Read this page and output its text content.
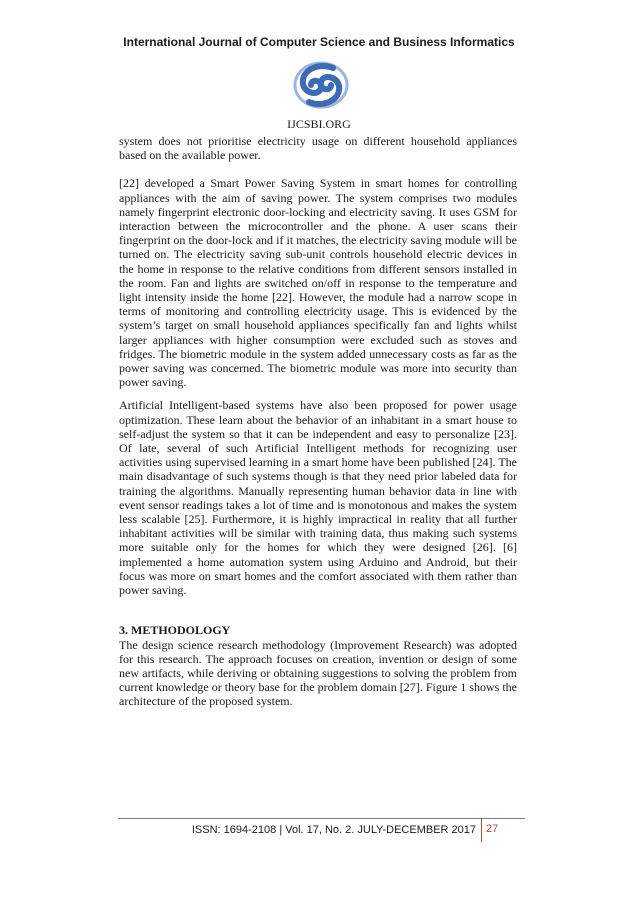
International Journal of Computer Science and Business Informatics
IJCSBI.ORG

system does not prioritise electricity usage on different household appliances based on the available power.

[22] developed a Smart Power Saving System in smart homes for controlling appliances with the aim of saving power. The system comprises two modules namely fingerprint electronic door-locking and electricity saving. It uses GSM for interaction between the microcontroller and the phone. A user scans their fingerprint on the door-lock and if it matches, the electricity saving module will be turned on. The electricity saving sub-unit controls household electric devices in the home in response to the relative conditions from different sensors installed in the room. Fan and lights are switched on/off in response to the temperature and light intensity inside the home [22]. However, the module had a narrow scope in terms of monitoring and controlling electricity usage. This is evidenced by the system’s target on small household appliances specifically fan and lights whilst larger appliances with higher consumption were excluded such as stoves and fridges. The biometric module in the system added unnecessary costs as far as the power saving was concerned. The biometric module was more into security than power saving.

Artificial Intelligent-based systems have also been proposed for power usage optimization. These learn about the behavior of an inhabitant in a smart house to self-adjust the system so that it can be independent and easy to personalize [23]. Of late, several of such Artificial Intelligent methods for recognizing user activities using supervised learning in a smart home have been published [24]. The main disadvantage of such systems though is that they need prior labeled data for training the algorithms. Manually representing human behavior data in line with event sensor readings takes a lot of time and is monotonous and makes the system less scalable [25]. Furthermore, it is highly impractical in reality that all further inhabitant activities will be similar with training data, thus making such systems more suitable only for the homes for which they were designed [26]. [6] implemented a home automation system using Arduino and Android, but their focus was more on smart homes and the comfort associated with them rather than power saving.

3. METHODOLOGY

The design science research methodology (Improvement Research) was adopted for this research. The approach focuses on creation, invention or design of some new artifacts, while deriving or obtaining suggestions to solving the problem from current knowledge or theory base for the problem domain [27]. Figure 1 shows the architecture of the proposed system.

ISSN: 1694-2108 | Vol. 17, No. 2. JULY-DECEMBER 2017 27
